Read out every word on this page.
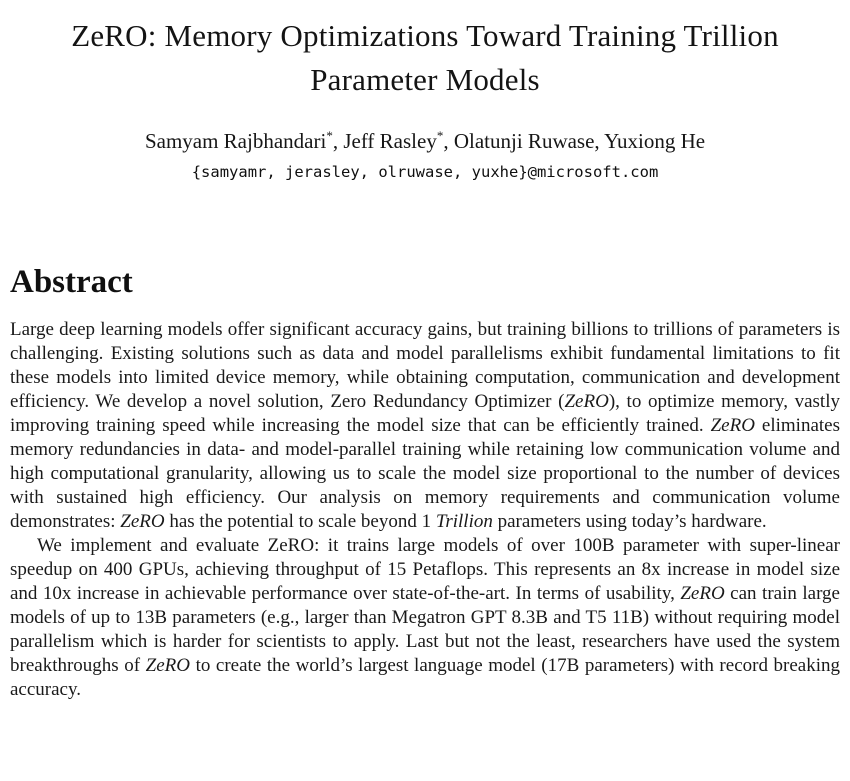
ZeRO: Memory Optimizations Toward Training Trillion
Parameter Models
Samyam Rajbhandari*, Jeff Rasley*, Olatunji Ruwase, Yuxiong He
{samyamr, jerasley, olruwase, yuxhe}@microsoft.com
Abstract

Large deep learning models offer significant accuracy gains, but training billions to trillions of parameters is challenging. Existing solutions such as data and model parallelisms exhibit fundamental limitations to fit these models into limited device memory, while obtaining computation, communication and development efficiency. We develop a novel solution, Zero Redundancy Optimizer (ZeRO), to optimize memory, vastly improving training speed while increasing the model size that can be efficiently trained. ZeRO eliminates memory redundancies in data- and model-parallel training while retaining low communication volume and high computational granularity, allowing us to scale the model size proportional to the number of devices with sustained high efficiency. Our analysis on memory requirements and communication volume demonstrates: ZeRO has the potential to scale beyond 1 Trillion parameters using today’s hardware.

We implement and evaluate ZeRO: it trains large models of over 100B parameter with super-linear speedup on 400 GPUs, achieving throughput of 15 Petaflops. This represents an 8x increase in model size and 10x increase in achievable performance over state-of-the-art. In terms of usability, ZeRO can train large models of up to 13B parameters (e.g., larger than Megatron GPT 8.3B and T5 11B) without requiring model parallelism which is harder for scientists to apply. Last but not the least, researchers have used the system breakthroughs of ZeRO to create the world’s largest language model (17B parameters) with record breaking accuracy.
